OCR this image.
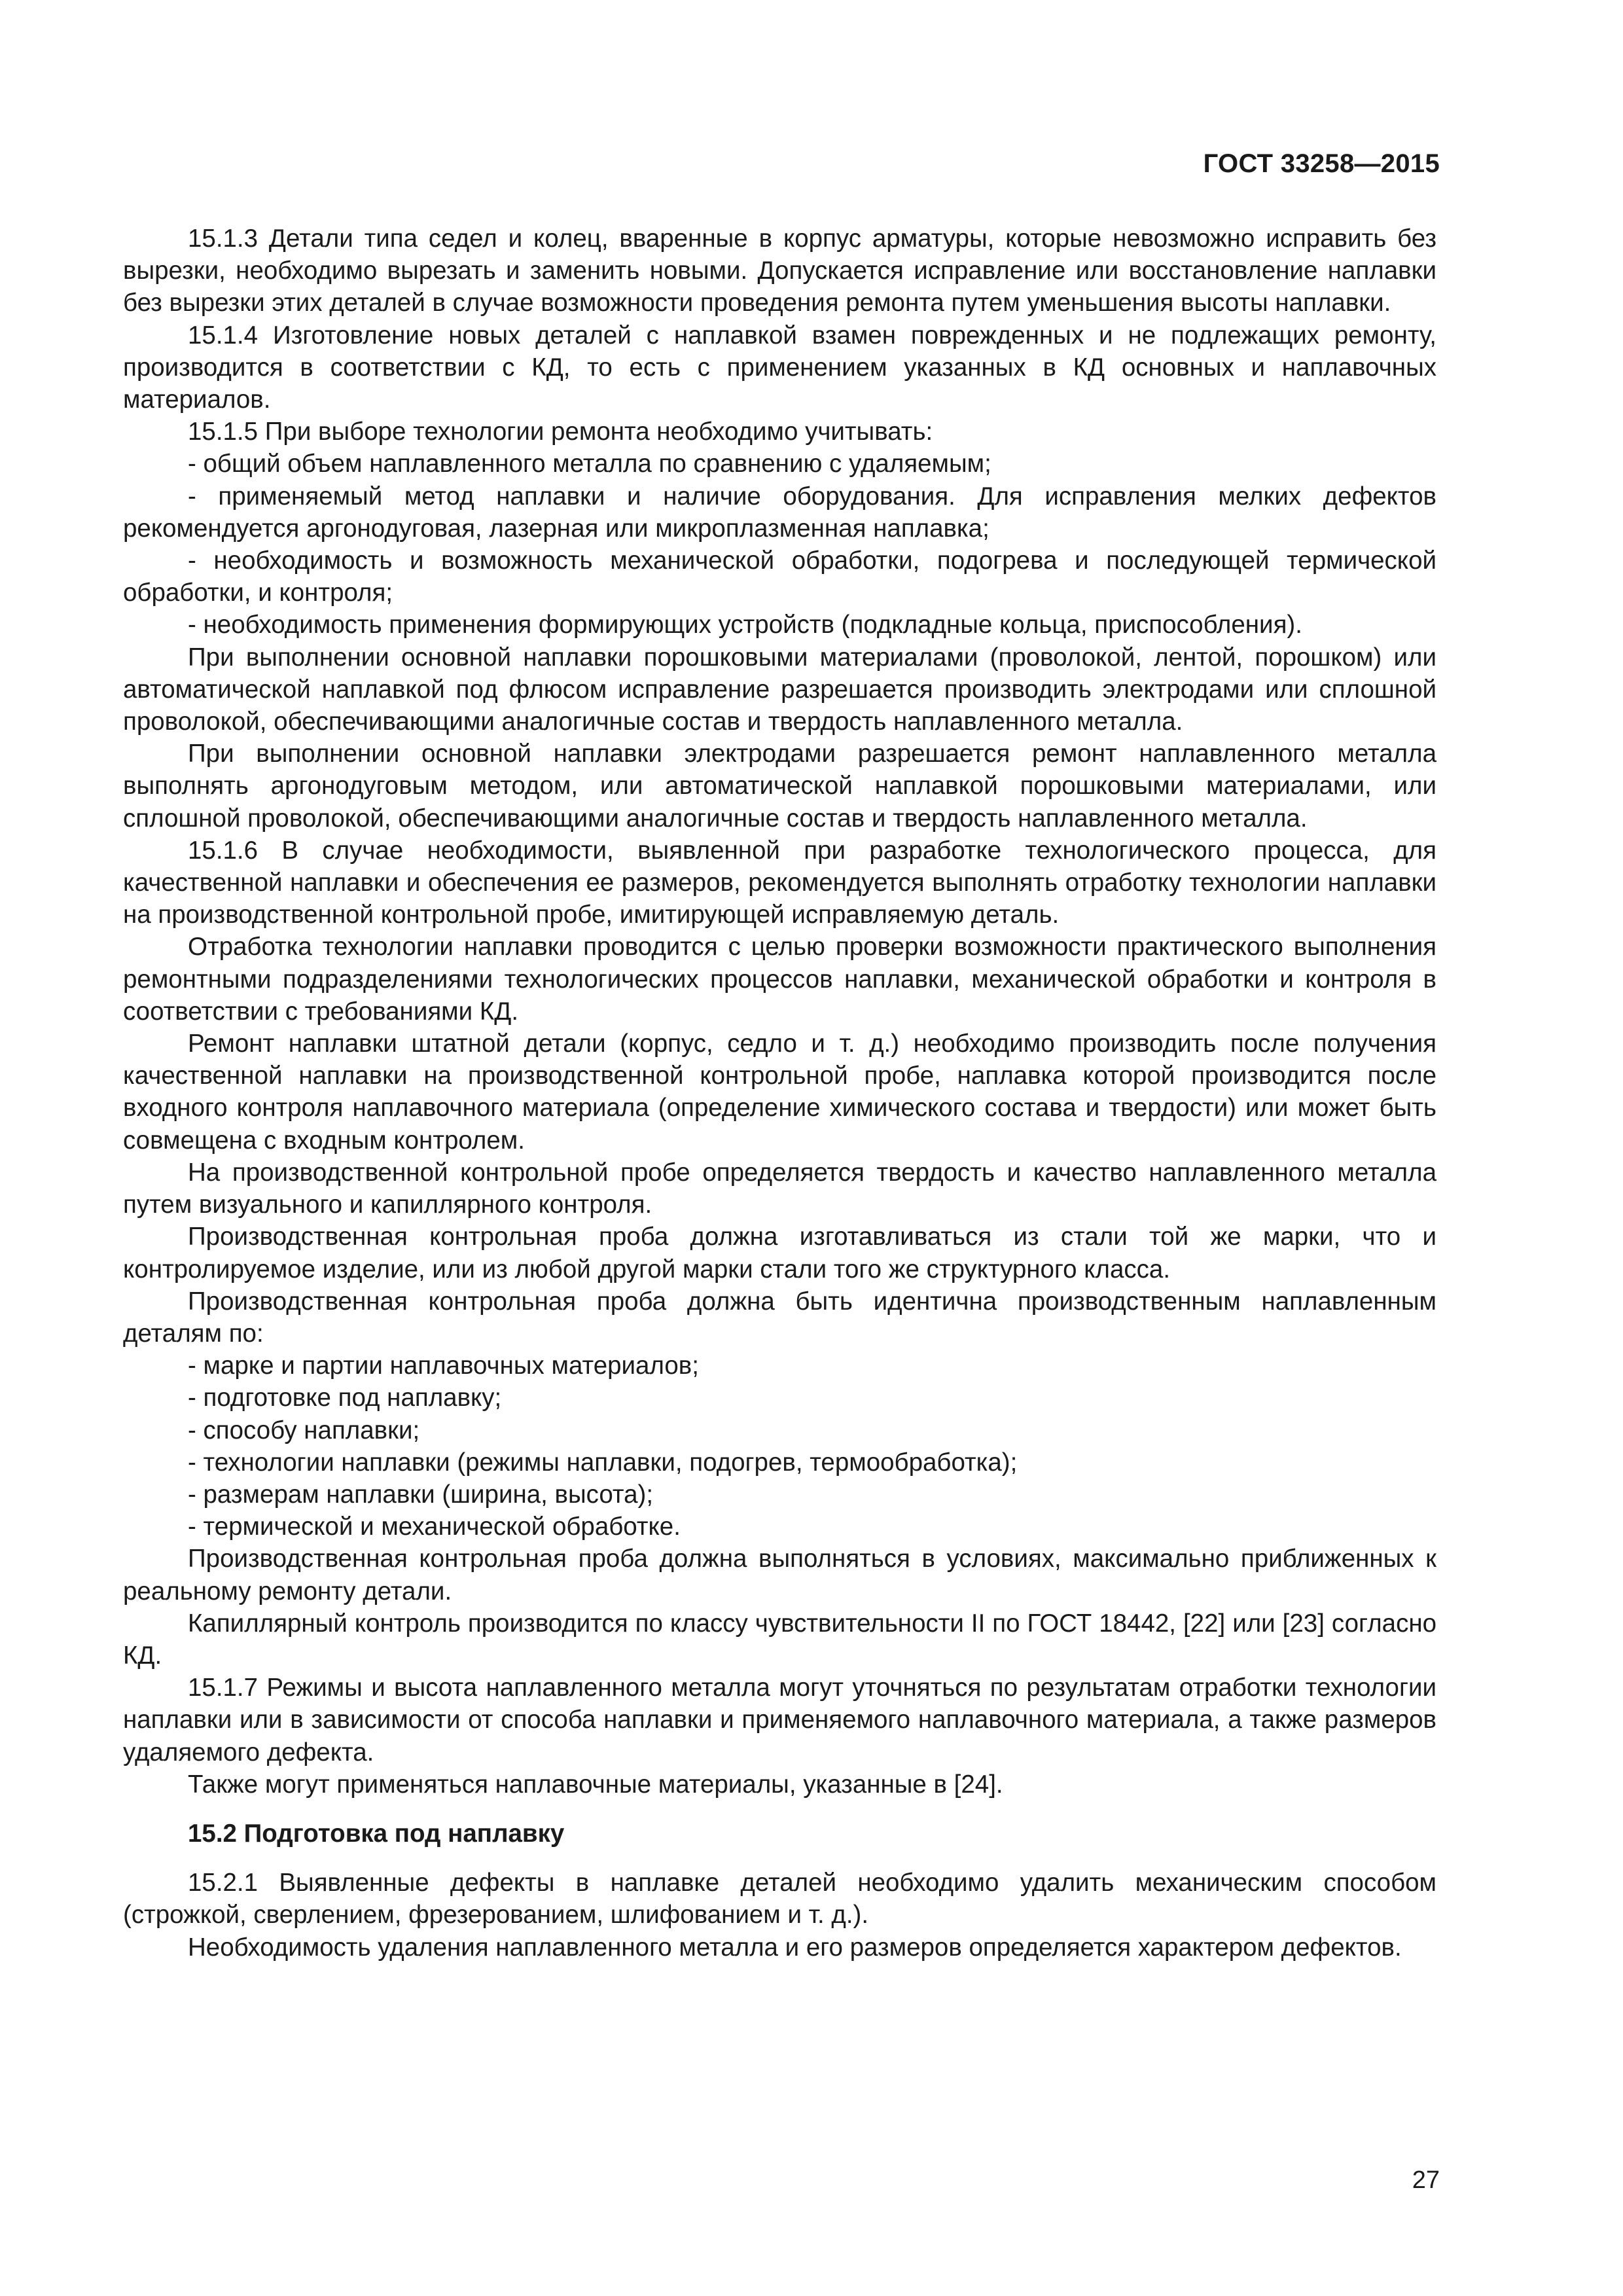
ГОСТ 33258—2015

15.1.3 Детали типа седел и колец, вваренные в корпус арматуры, которые невозможно исправить без вырезки, необходимо вырезать и заменить новыми. Допускается исправление или восстановление наплавки без вырезки этих деталей в случае возможности проведения ремонта путем уменьшения высоты наплавки.

15.1.4 Изготовление новых деталей с наплавкой взамен поврежденных и не подлежащих ремонту, производится в соответствии с КД, то есть с применением указанных в КД основных и наплавочных материалов.

15.1.5 При выборе технологии ремонта необходимо учитывать:

- общий объем наплавленного металла по сравнению с удаляемым;

- применяемый метод наплавки и наличие оборудования. Для исправления мелких дефектов рекомендуется аргонодуговая, лазерная или микроплазменная наплавка;

- необходимость и возможность механической обработки, подогрева и последующей термической обработки, и контроля;

- необходимость применения формирующих устройств (подкладные кольца, приспособления).

При выполнении основной наплавки порошковыми материалами (проволокой, лентой, порошком) или автоматической наплавкой под флюсом исправление разрешается производить электродами или сплошной проволокой, обеспечивающими аналогичные состав и твердость наплавленного металла.

При выполнении основной наплавки электродами разрешается ремонт наплавленного металла выполнять аргонодуговым методом, или автоматической наплавкой порошковыми материалами, или сплошной проволокой, обеспечивающими аналогичные состав и твердость наплавленного металла.

15.1.6 В случае необходимости, выявленной при разработке технологического процесса, для качественной наплавки и обеспечения ее размеров, рекомендуется выполнять отработку технологии наплавки на производственной контрольной пробе, имитирующей исправляемую деталь.

Отработка технологии наплавки проводится с целью проверки возможности практического выполнения ремонтными подразделениями технологических процессов наплавки, механической обработки и контроля в соответствии с требованиями КД.

Ремонт наплавки штатной детали (корпус, седло и т. д.) необходимо производить после получения качественной наплавки на производственной контрольной пробе, наплавка которой производится после входного контроля наплавочного материала (определение химического состава и твердости) или может быть совмещена с входным контролем.

На производственной контрольной пробе определяется твердость и качество наплавленного металла путем визуального и капиллярного контроля.

Производственная контрольная проба должна изготавливаться из стали той же марки, что и контролируемое изделие, или из любой другой марки стали того же структурного класса.

Производственная контрольная проба должна быть идентична производственным наплавленным деталям по:

- марке и партии наплавочных материалов;

- подготовке под наплавку;

- способу наплавки;

- технологии наплавки (режимы наплавки, подогрев, термообработка);

- размерам наплавки (ширина, высота);

- термической и механической обработке.

Производственная контрольная проба должна выполняться в условиях, максимально приближенных к реальному ремонту детали.

Капиллярный контроль производится по классу чувствительности II по ГОСТ 18442, [22] или [23] согласно КД.

15.1.7 Режимы и высота наплавленного металла могут уточняться по результатам отработки технологии наплавки или в зависимости от способа наплавки и применяемого наплавочного материала, а также размеров удаляемого дефекта.

Также могут применяться наплавочные материалы, указанные в [24].

15.2 Подготовка под наплавку

15.2.1 Выявленные дефекты в наплавке деталей необходимо удалить механическим способом (строжкой, сверлением, фрезерованием, шлифованием и т. д.).

Необходимость удаления наплавленного металла и его размеров определяется характером дефектов.

27
